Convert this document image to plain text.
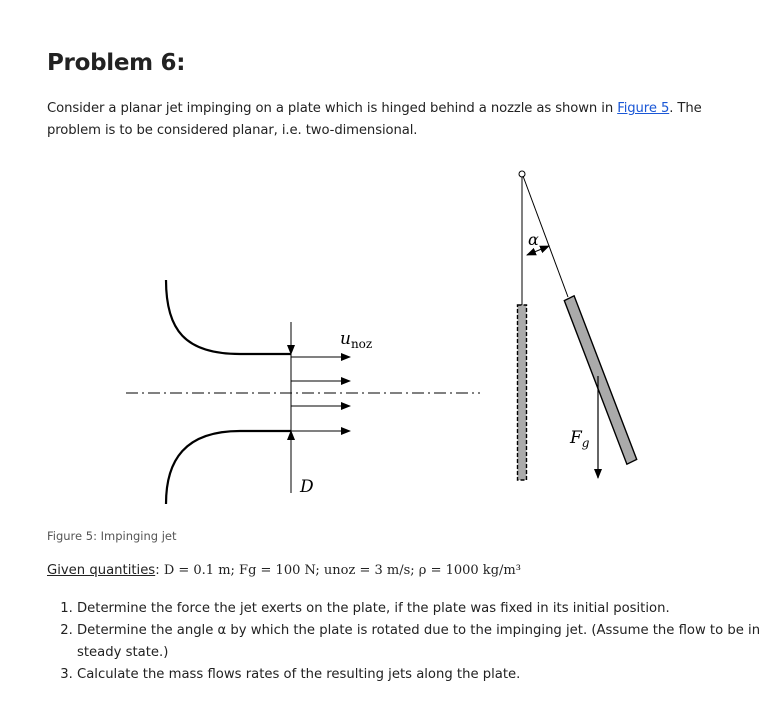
Problem 6:

Consider a planar jet impinging on a plate which is hinged behind a nozzle as shown in Figure 5. The problem is to be considered planar, i.e. two-dimensional.

$u_{noz}$
D
α
$F_g$

Figure 5: Impinging jet

Given quantities: D = 0.1 m; Fg = 100 N; unoz = 3 m/s; ρ = 1000 kg/m³

1. Determine the force the jet exerts on the plate, if the plate was fixed in its initial position.
2. Determine the angle α by which the plate is rotated due to the impinging jet. (Assume the flow to be in steady state.)
3. Calculate the mass flows rates of the resulting jets along the plate.
